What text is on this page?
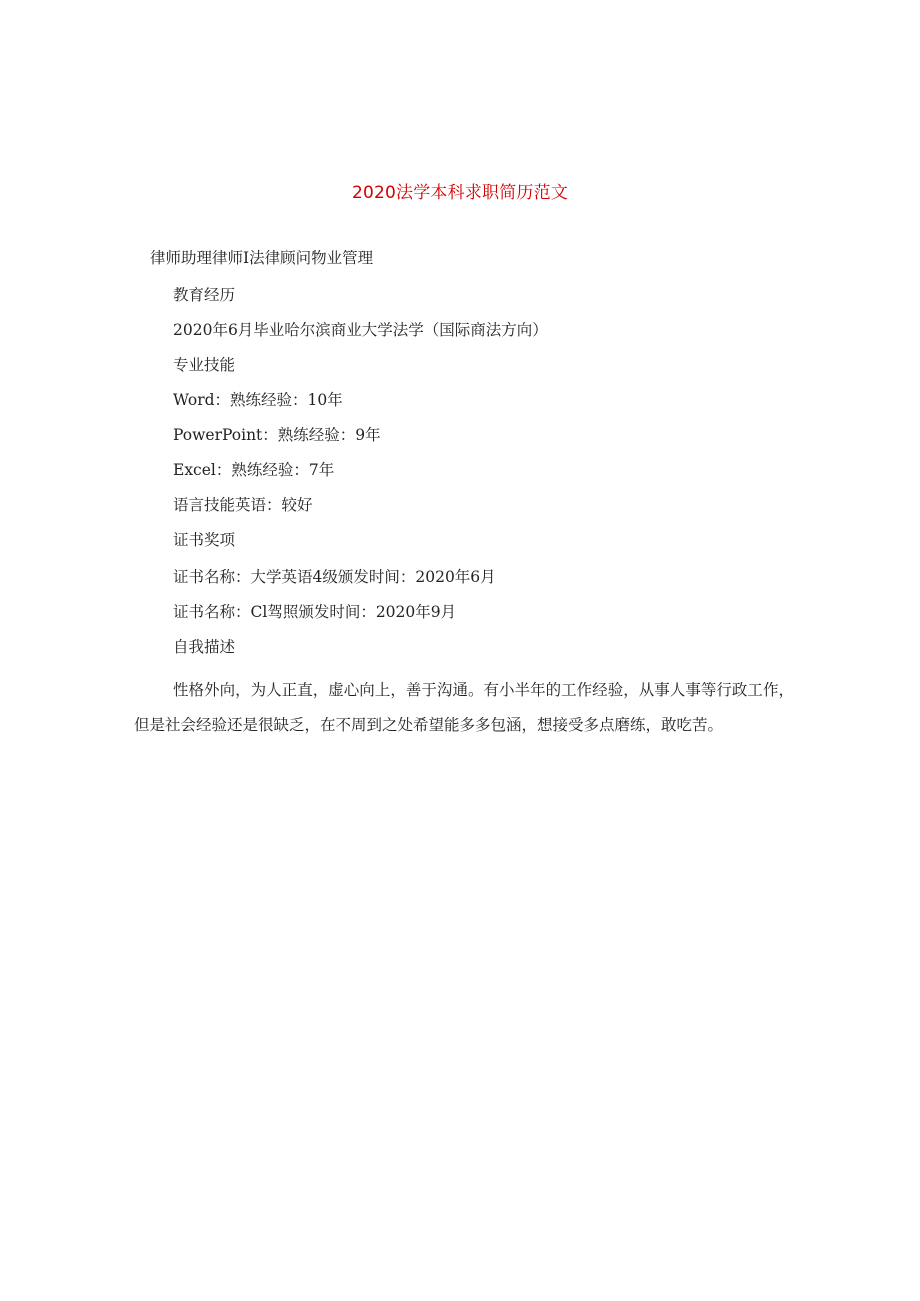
2020法学本科求职简历范文
律师助理律师I法律顾问物业管理
教育经历
2020年6月毕业哈尔滨商业大学法学（国际商法方向）
专业技能
Word：熟练经验：10年
PowerPoint：熟练经验：9年
Excel：熟练经验：7年
语言技能英语：较好
证书奖项
证书名称：大学英语4级颁发时间：2020年6月
证书名称：Cl驾照颁发时间：2020年9月
自我描述
性格外向，为人正直，虚心向上，善于沟通。有小半年的工作经验，从事人事等行政工作，但是社会经验还是很缺乏，在不周到之处希望能多多包涵，想接受多点磨练，敢吃苦。
